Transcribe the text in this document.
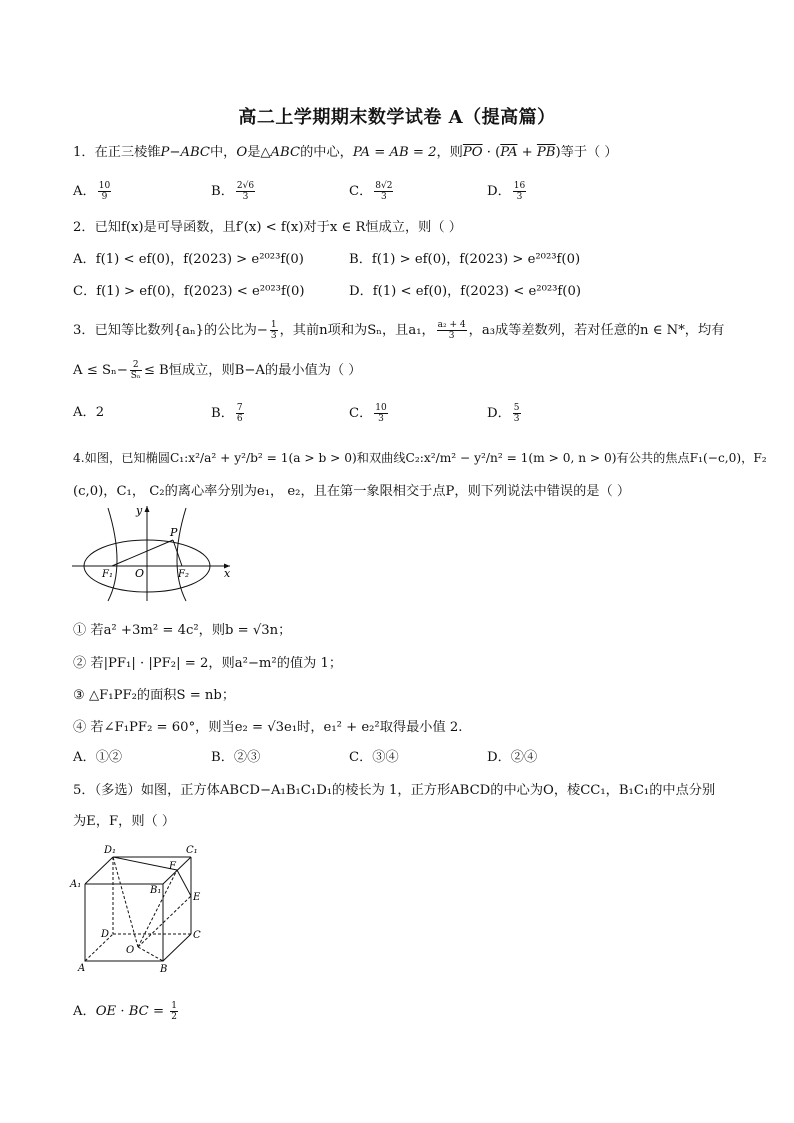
高二上学期期末数学试卷 A（提高篇）
1．在正三棱锥P−ABC中，O是△ABC的中心，PA = AB = 2，则$\overline{PO} \cdot (\overline{PA} + \overline{PB})$等于（ ）
A． $\frac{10}{9}$	B． $\frac{2√6}{3}$	C． $\frac{8√2}{3}$	D． $\frac{16}{3}$
2．已知f(x)是可导函数，且f′(x) < f(x)对于x ∈ R恒成立，则（ ）
A．f(1) < ef(0)，f(2023) > e²⁰²³f(0)	B．f(1) > ef(0)，f(2023) > e²⁰²³f(0)
C．f(1) > ef(0)，f(2023) < e²⁰²³f(0)	D．f(1) < ef(0)，f(2023) < e²⁰²³f(0)
3．已知等比数列{aₙ}的公比为− $\frac{1}{3}$ ，其前n项和为Sₙ，且a₁， $\frac{\text{a₂ + 4}}{3}$ ，a₃成等差数列，若对任意的n ∈ N*，均有
$A \le S_n- \frac{2}{\text{Sₙ}} \le B$恒成立，则B−A的最小值为（ ）
A．2	B． $\frac{7}{6}$	C． $\frac{10}{3}$	D． $\frac{5}{3}$
4.如图，已知椭圆C₁:x²/a² + y²/b² = 1(a > b > 0)和双曲线C₂:x²/m² − y²/n² = 1(m > 0, n > 0)有公共的焦点F₁(−c,0)，F₂
(c,0)，C₁， C₂的离心率分别为e₁， e₂，且在第一象限相交于点P，则下列说法中错误的是（ ）
y
x
P
F₁ O	F₂
① 若a² +3m² = 4c²，则b = √3n；
② 若|PF₁| · |PF₂| = 2，则a²−m²的值为 1；
③ △F₁PF₂的面积S = nb；
④ 若∠F₁PF₂ = 60°，则当e₂ = √3e₁时，e₁² + e₂²取得最小值 2.
A．①②	B．②③	C．③④	D．②④
5．（多选）如图，正方体ABCD−A₁B₁C₁D₁的棱长为 1，正方形ABCD的中心为O，棱CC₁，B₁C₁的中点分别
为E，F，则（ ）
D₁	C₁
F
A₁
B₁
E
D	C
O
A	B
A．OE · BC = $\frac{1}{2}$
